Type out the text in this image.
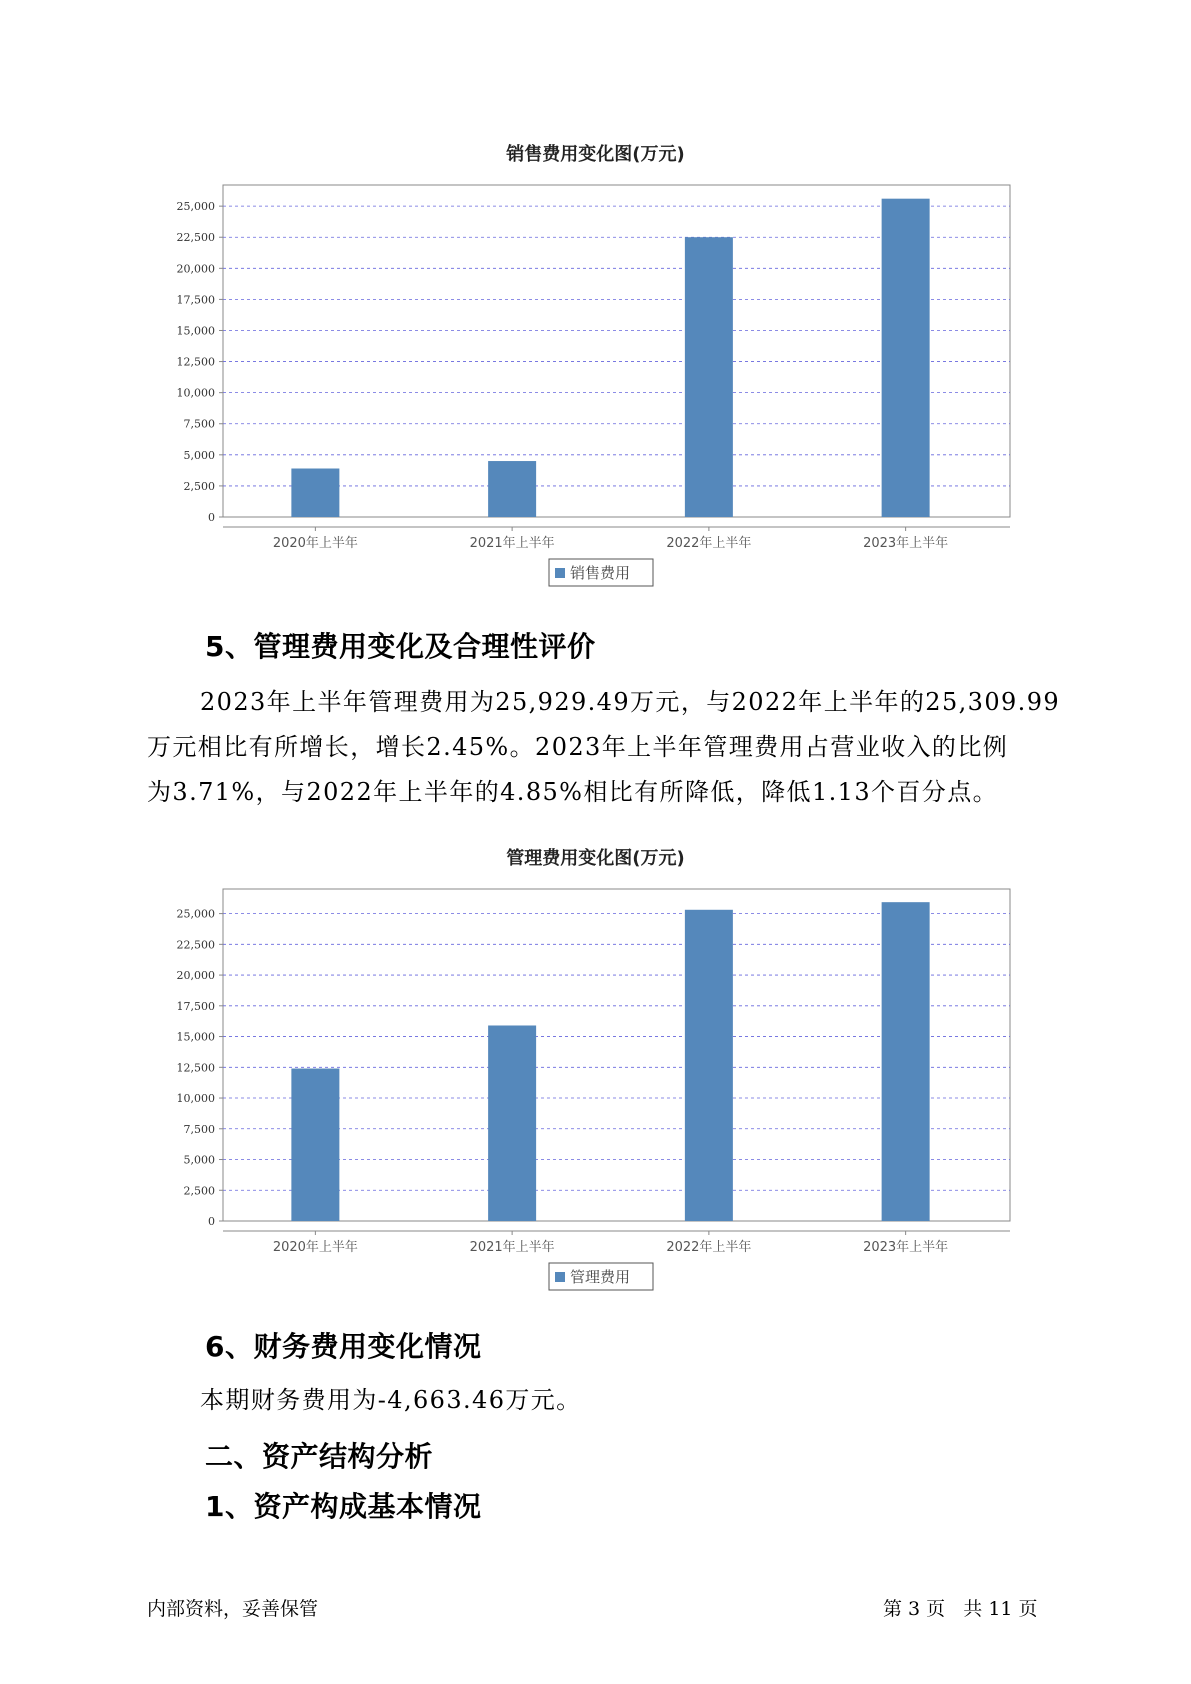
销售费用变化图(万元)
0
2,500
5,000
7,500
10,000
12,500
15,000
17,500
20,000
22,500
25,000
2020年上半年	2021年上半年	2022年上半年	2023年上半年
销售费用
5、管理费用变化及合理性评价

2023年上半年管理费用为25,929.49万元，与2022年上半年的25,309.99
万元相比有所增长，增长2.45%。2023年上半年管理费用占营业收入的比例
为3.71%，与2022年上半年的4.85%相比有所降低，降低1.13个百分点。

管理费用变化图(万元)
0
2,500
5,000
7,500
10,000
12,500
15,000
17,500
20,000
22,500
25,000
2020年上半年	2021年上半年	2022年上半年	2023年上半年
管理费用
6、财务费用变化情况

本期财务费用为-4,663.46万元。

二、资产结构分析
1、资产构成基本情况
内部资料，妥善保管	第 3 页   共 11 页
